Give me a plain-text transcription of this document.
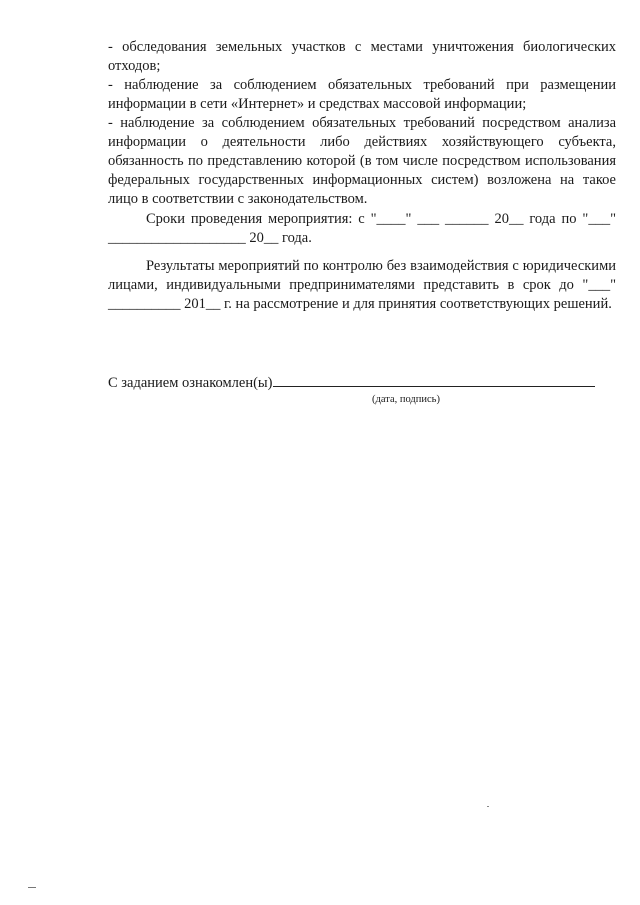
- обследования земельных участков с местами уничтожения биологических отходов;

- наблюдение за соблюдением обязательных требований при размещении информации в сети «Интернет» и средствах массовой информации;

- наблюдение за соблюдением обязательных требований посредством анализа информации о деятельности либо действиях хозяйствующего субъекта, обязанность по представлению которой (в том числе посредством использования федеральных государственных информационных систем) возложена на такое лицо в соответствии с законодательством.

Сроки проведения мероприятия: с "____" ___ ______ 20__ года по "___" ___________________ 20__ года.

Результаты мероприятий по контролю без взаимодействия с юридическими лицами, индивидуальными предпринимателями представить в срок до "___" __________ 201__ г. на рассмотрение и для принятия соответствующих решений.

С заданием ознакомлен(ы)
(дата, подпись)
